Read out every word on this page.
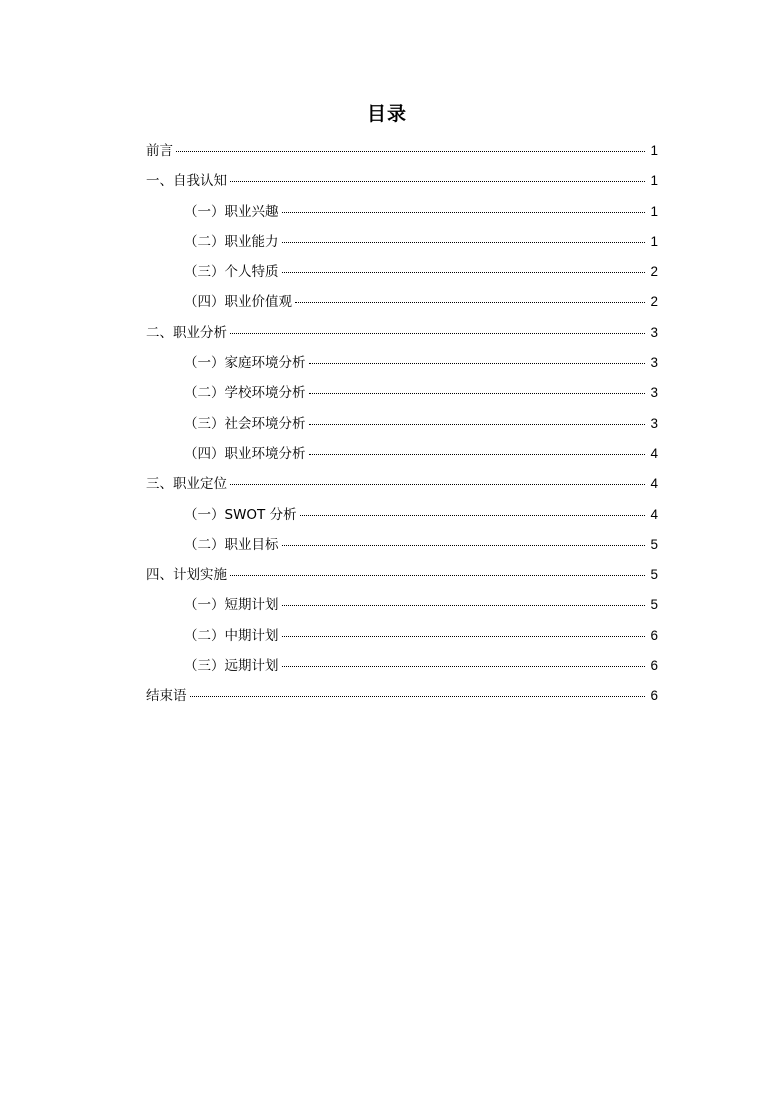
目录
前言	1
一、自我认知	1
（一）职业兴趣	1
（二）职业能力	1
（三）个人特质	2
（四）职业价值观	2
二、职业分析	3
（一）家庭环境分析	3
（二）学校环境分析	3
（三）社会环境分析	3
（四）职业环境分析	4
三、职业定位	4
（一）SWOT 分析	4
（二）职业目标	5
四、计划实施	5
（一）短期计划	5
（二）中期计划	6
（三）远期计划	6
结束语	6
